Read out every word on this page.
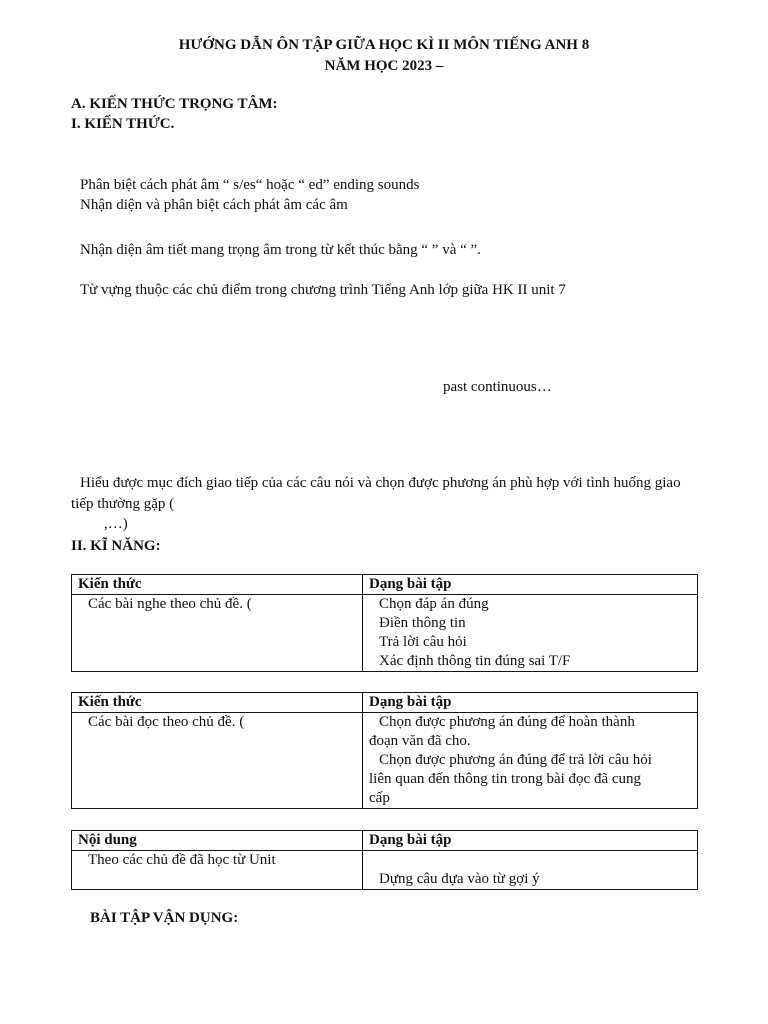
HƯỚNG DẪN ÔN TẬP GIỮA HỌC KÌ II MÔN TIẾNG ANH 8
NĂM HỌC 2023 –
A. KIẾN THỨC TRỌNG TÂM:
I. KIẾN THỨC.
Phân biệt cách phát âm “ s/es“ hoặc “ ed” ending sounds
Nhận diện và phân biệt cách phát âm các âm
Nhận diện âm tiết mang trọng âm trong từ kết thúc bằng “ ” và “ ”.
Từ vựng thuộc các chủ điểm trong chương trình Tiếng Anh lớp giữa HK II unit 7
past continuous…
Hiểu được mục đích giao tiếp của các câu nói và chọn được phương án phù hợp với tình huống giao
tiếp thường gặp (
,…)
II. KĨ NĂNG:
Kiến thức	Dạng bài tập

Các bài nghe theo chủ đề. (	Chọn đáp án đúng
Điền thông tin
Trả lời câu hỏi
Xác định thông tin đúng sai T/F
Kiến thức	Dạng bài tập

Các bài đọc theo chủ đề. (	Chọn được phương án đúng để hoàn thành
đoạn văn đã cho.
Chọn được phương án đúng để trả lời câu hỏi
liên quan đến thông tin trong bài đọc đã cung
cấp
Nội dung	Dạng bài tập

Theo các chủ đề đã học từ Unit	Dựng câu dựa vào từ gợi ý
BÀI TẬP VẬN DỤNG:
